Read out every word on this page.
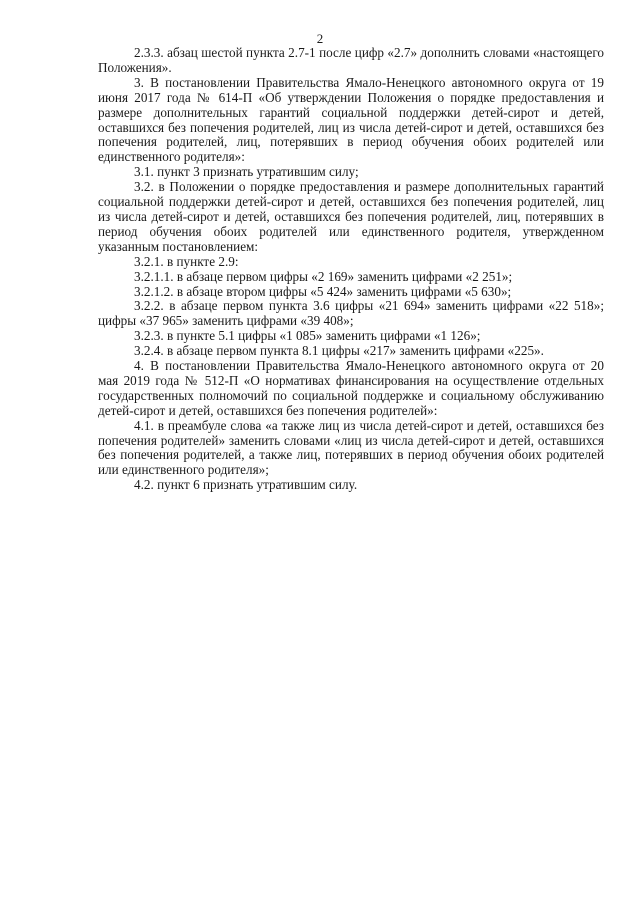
2

2.3.3. абзац шестой пункта 2.7-1 после цифр «2.7» дополнить словами «настоящего Положения».

3. В постановлении Правительства Ямало-Ненецкого автономного округа от 19 июня 2017 года № 614-П «Об утверждении Положения о порядке предоставления и размере дополнительных гарантий социальной поддержки детей-сирот и детей, оставшихся без попечения родителей, лиц из числа детей-сирот и детей, оставшихся без попечения родителей, лиц, потерявших в период обучения обоих родителей или единственного родителя»:

3.1. пункт 3 признать утратившим силу;

3.2. в Положении о порядке предоставления и размере дополнительных гарантий социальной поддержки детей-сирот и детей, оставшихся без попечения родителей, лиц из числа детей-сирот и детей, оставшихся без попечения родителей, лиц, потерявших в период обучения обоих родителей или единственного родителя, утвержденном указанным постановлением:

3.2.1. в пункте 2.9:

3.2.1.1. в абзаце первом цифры «2 169» заменить цифрами «2 251»;

3.2.1.2. в абзаце втором цифры «5 424» заменить цифрами «5 630»;

3.2.2. в абзаце первом пункта 3.6 цифры «21 694» заменить цифрами «22 518»; цифры «37 965» заменить цифрами «39 408»;

3.2.3. в пункте 5.1 цифры «1 085» заменить цифрами «1 126»;

3.2.4. в абзаце первом пункта 8.1 цифры «217» заменить цифрами «225».

4. В постановлении Правительства Ямало-Ненецкого автономного округа от 20 мая 2019 года № 512-П «О нормативах финансирования на осуществление отдельных государственных полномочий по социальной поддержке и социальному обслуживанию детей-сирот и детей, оставшихся без попечения родителей»:

4.1. в преамбуле слова «а также лиц из числа детей-сирот и детей, оставшихся без попечения родителей» заменить словами «лиц из числа детей-сирот и детей, оставшихся без попечения родителей, а также лиц, потерявших в период обучения обоих родителей или единственного родителя»;

4.2. пункт 6 признать утратившим силу.
